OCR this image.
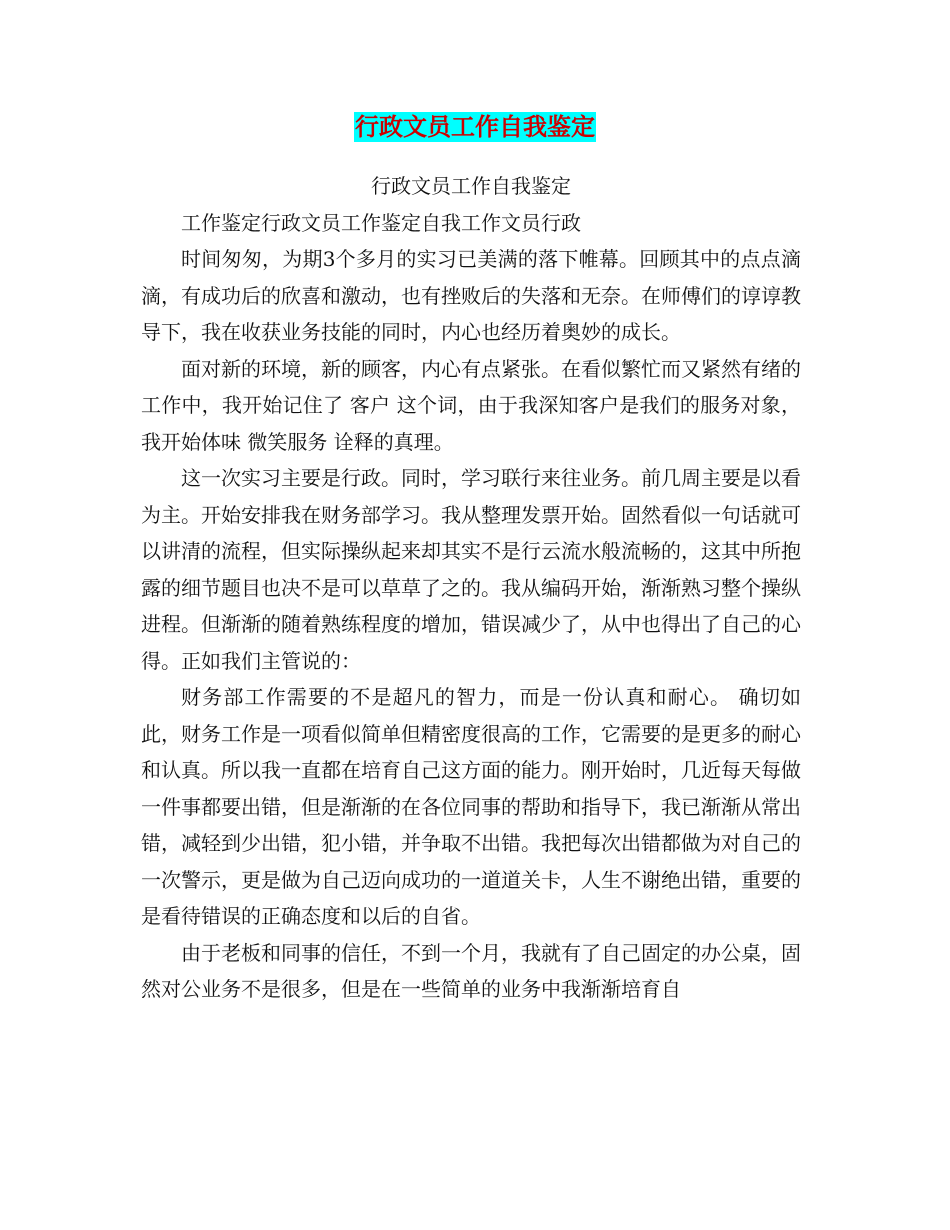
行政文员工作自我鉴定

行政文员工作自我鉴定

工作鉴定行政文员工作鉴定自我工作文员行政

时间匆匆，为期3个多月的实习已美满的落下帷幕。回顾其中的点点滴滴，有成功后的欣喜和激动，也有挫败后的失落和无奈。在师傅们的谆谆教导下，我在收获业务技能的同时，内心也经历着奥妙的成长。

面对新的环境，新的顾客，内心有点紧张。在看似繁忙而又紧然有绪的工作中，我开始记住了 客户 这个词，由于我深知客户是我们的服务对象，我开始体味 微笑服务 诠释的真理。

这一次实习主要是行政。同时，学习联行来往业务。前几周主要是以看为主。开始安排我在财务部学习。我从整理发票开始。固然看似一句话就可以讲清的流程，但实际操纵起来却其实不是行云流水般流畅的，这其中所抱露的细节题目也决不是可以草草了之的。我从编码开始，渐渐熟习整个操纵进程。但渐渐的随着熟练程度的增加，错误减少了，从中也得出了自己的心得。正如我们主管说的：

财务部工作需要的不是超凡的智力，而是一份认真和耐心。 确切如此，财务工作是一项看似简单但精密度很高的工作，它需要的是更多的耐心和认真。所以我一直都在培育自己这方面的能力。刚开始时，几近每天每做一件事都要出错，但是渐渐的在各位同事的帮助和指导下，我已渐渐从常出错，减轻到少出错，犯小错，并争取不出错。我把每次出错都做为对自己的一次警示，更是做为自己迈向成功的一道道关卡，人生不谢绝出错，重要的是看待错误的正确态度和以后的自省。

由于老板和同事的信任，不到一个月，我就有了自己固定的办公桌，固然对公业务不是很多，但是在一些简单的业务中我渐渐培育自
